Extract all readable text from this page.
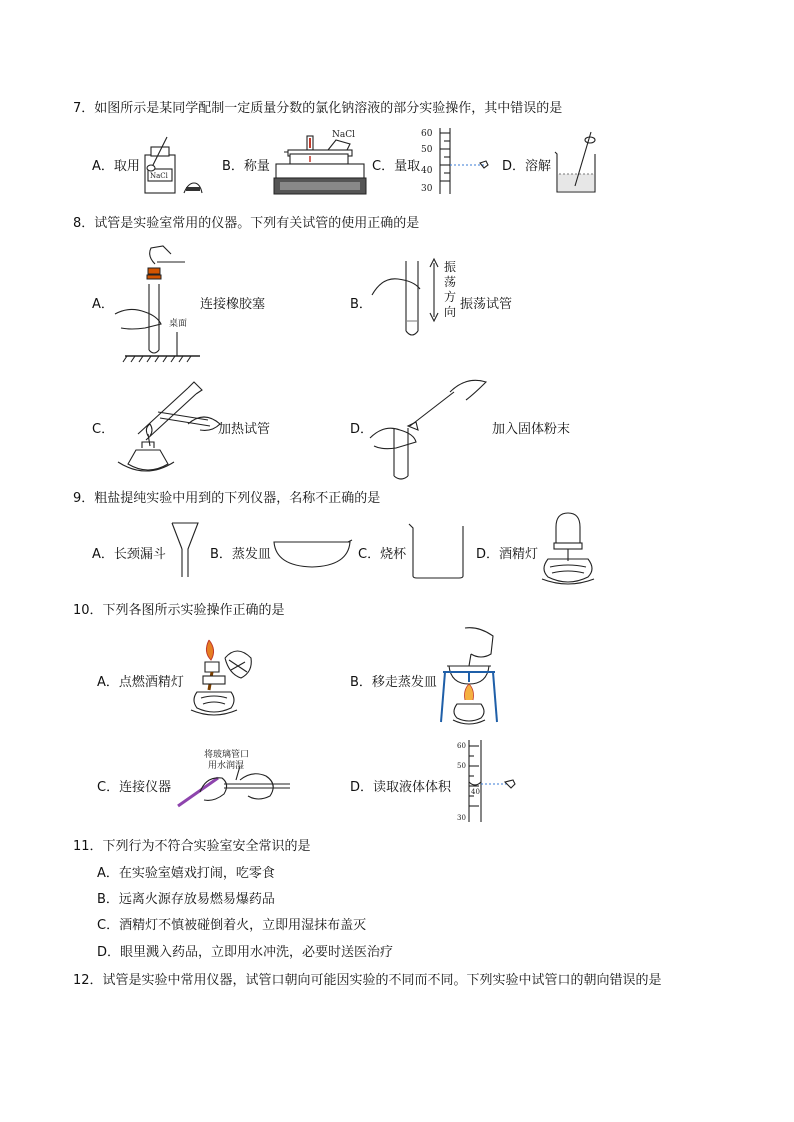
7．如图所示是某同学配制一定质量分数的氯化钠溶液的部分实验操作，其中错误的是
A．取用
NaCl
B．称量
NaCl
C．量取
60
50
40
30
D．溶解
8．试管是实验室常用的仪器。下列有关试管的使用正确的是
A．
桌面
连接橡胶塞	B．
振
荡
方
向 振荡试管
C．	加热试管	D．	加入固体粉末
9．粗盐提纯实验中用到的下列仪器，名称不正确的是
A．长颈漏斗	B．蒸发皿	C．烧杯	D．酒精灯
10．下列各图所示实验操作正确的是
A．点燃酒精灯	B．移走蒸发皿
C．连接仪器
将玻璃管口
用水润湿
D．读取液体体积
60
50
40
30
11．下列行为不符合实验室安全常识的是
A．在实验室嬉戏打闹，吃零食
B．远离火源存放易燃易爆药品
C．酒精灯不慎被碰倒着火，立即用湿抹布盖灭
D．眼里溅入药品，立即用水冲洗，必要时送医治疗
12．试管是实验中常用仪器，试管口朝向可能因实验的不同而不同。下列实验中试管口的朝向错误的是
